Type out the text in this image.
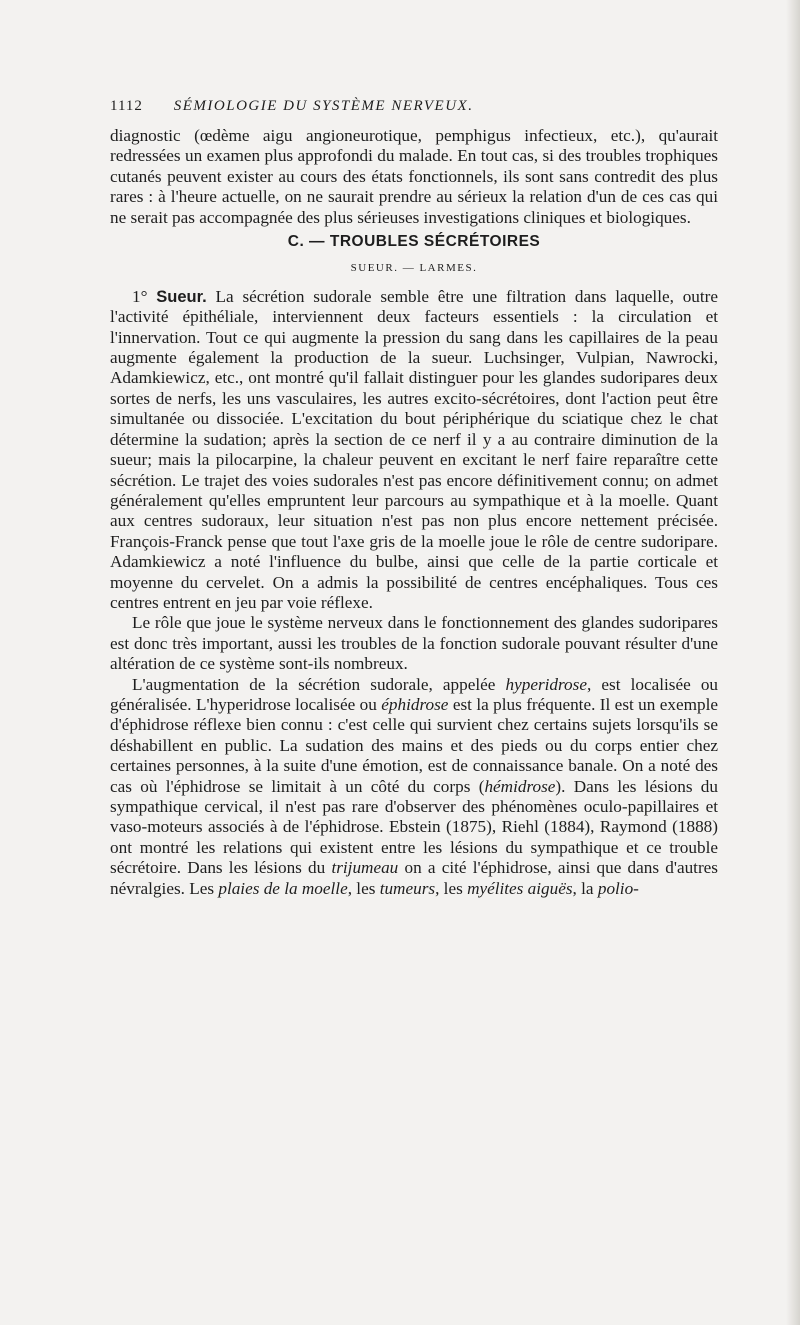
1112 SÉMIOLOGIE DU SYSTÈME NERVEUX.

diagnostic (œdème aigu angioneurotique, pemphigus infectieux, etc.), qu'aurait redressées un examen plus approfondi du malade. En tout cas, si des troubles trophiques cutanés peuvent exister au cours des états fonctionnels, ils sont sans contredit des plus rares : à l'heure actuelle, on ne saurait prendre au sérieux la relation d'un de ces cas qui ne serait pas accompagnée des plus sérieuses investigations cliniques et biologiques.

C. — TROUBLES SÉCRÉTOIRES
SUEUR. — LARMES.

1° Sueur. La sécrétion sudorale semble être une filtration dans laquelle, outre l'activité épithéliale, interviennent deux facteurs essentiels : la circulation et l'innervation. Tout ce qui augmente la pression du sang dans les capillaires de la peau augmente également la production de la sueur. Luchsinger, Vulpian, Nawrocki, Adamkiewicz, etc., ont montré qu'il fallait distinguer pour les glandes sudoripares deux sortes de nerfs, les uns vasculaires, les autres excito-sécrétoires, dont l'action peut être simultanée ou dissociée. L'excitation du bout périphérique du sciatique chez le chat détermine la sudation; après la section de ce nerf il y a au contraire diminution de la sueur; mais la pilocarpine, la chaleur peuvent en excitant le nerf faire reparaître cette sécrétion. Le trajet des voies sudorales n'est pas encore définitivement connu; on admet généralement qu'elles empruntent leur parcours au sympathique et à la moelle. Quant aux centres sudoraux, leur situation n'est pas non plus encore nettement précisée. François-Franck pense que tout l'axe gris de la moelle joue le rôle de centre sudoripare. Adamkiewicz a noté l'influence du bulbe, ainsi que celle de la partie corticale et moyenne du cervelet. On a admis la possibilité de centres encéphaliques. Tous ces centres entrent en jeu par voie réflexe.

Le rôle que joue le système nerveux dans le fonctionnement des glandes sudoripares est donc très important, aussi les troubles de la fonction sudorale pouvant résulter d'une altération de ce système sont-ils nombreux.

L'augmentation de la sécrétion sudorale, appelée hyperidrose, est localisée ou généralisée. L'hyperidrose localisée ou éphidrose est la plus fréquente. Il est un exemple d'éphidrose réflexe bien connu : c'est celle qui survient chez certains sujets lorsqu'ils se déshabillent en public. La sudation des mains et des pieds ou du corps entier chez certaines personnes, à la suite d'une émotion, est de connaissance banale. On a noté des cas où l'éphidrose se limitait à un côté du corps (hémidrose). Dans les lésions du sympathique cervical, il n'est pas rare d'observer des phénomènes oculo-papillaires et vaso-moteurs associés à de l'éphidrose. Ebstein (1875), Riehl (1884), Raymond (1888) ont montré les relations qui existent entre les lésions du sympathique et ce trouble sécrétoire. Dans les lésions du trijumeau on a cité l'éphidrose, ainsi que dans d'autres névralgies. Les plaies de la moelle, les tumeurs, les myélites aiguës, la polio-
